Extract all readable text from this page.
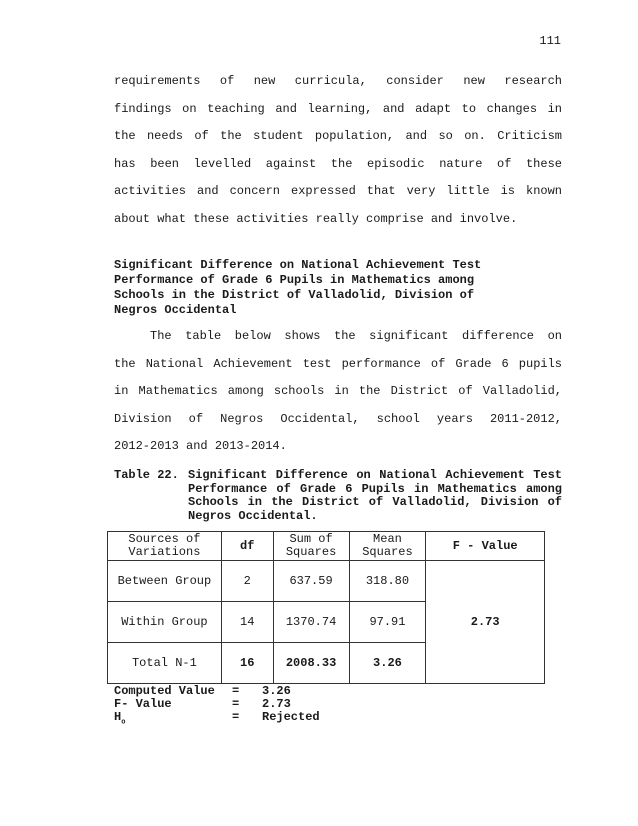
111
requirements of new curricula, consider new research
findings on teaching and learning, and adapt to changes in
the needs of the student population, and so on. Criticism
has been levelled against the episodic nature of these
activities and concern expressed that very little is known
about what these activities really comprise and involve.
Significant Difference on National Achievement Test
Performance of Grade 6 Pupils in Mathematics among
Schools in the District of Valladolid, Division of
Negros Occidental
The table below shows the significant difference on
the National Achievement test performance of Grade 6 pupils
in Mathematics among schools in the District of Valladolid,
Division of Negros Occidental, school years 2011-2012,
2012-2013 and 2013-2014.
Table 22. Significant Difference on National Achievement Test Performance of Grade 6 Pupils in Mathematics among Schools in the District of Valladolid, Division of Negros Occidental.
Sources of Variations	df	Sum of Squares	Mean Squares	F - Value
Between Group	2	637.59	318.80	2.73
Within Group	14	1370.74	97.91	
Total N-1	16	2008.33	3.26	
Computed Value	=	3.26
F- Value	=	2.73
$H_o$	=	Rejected
